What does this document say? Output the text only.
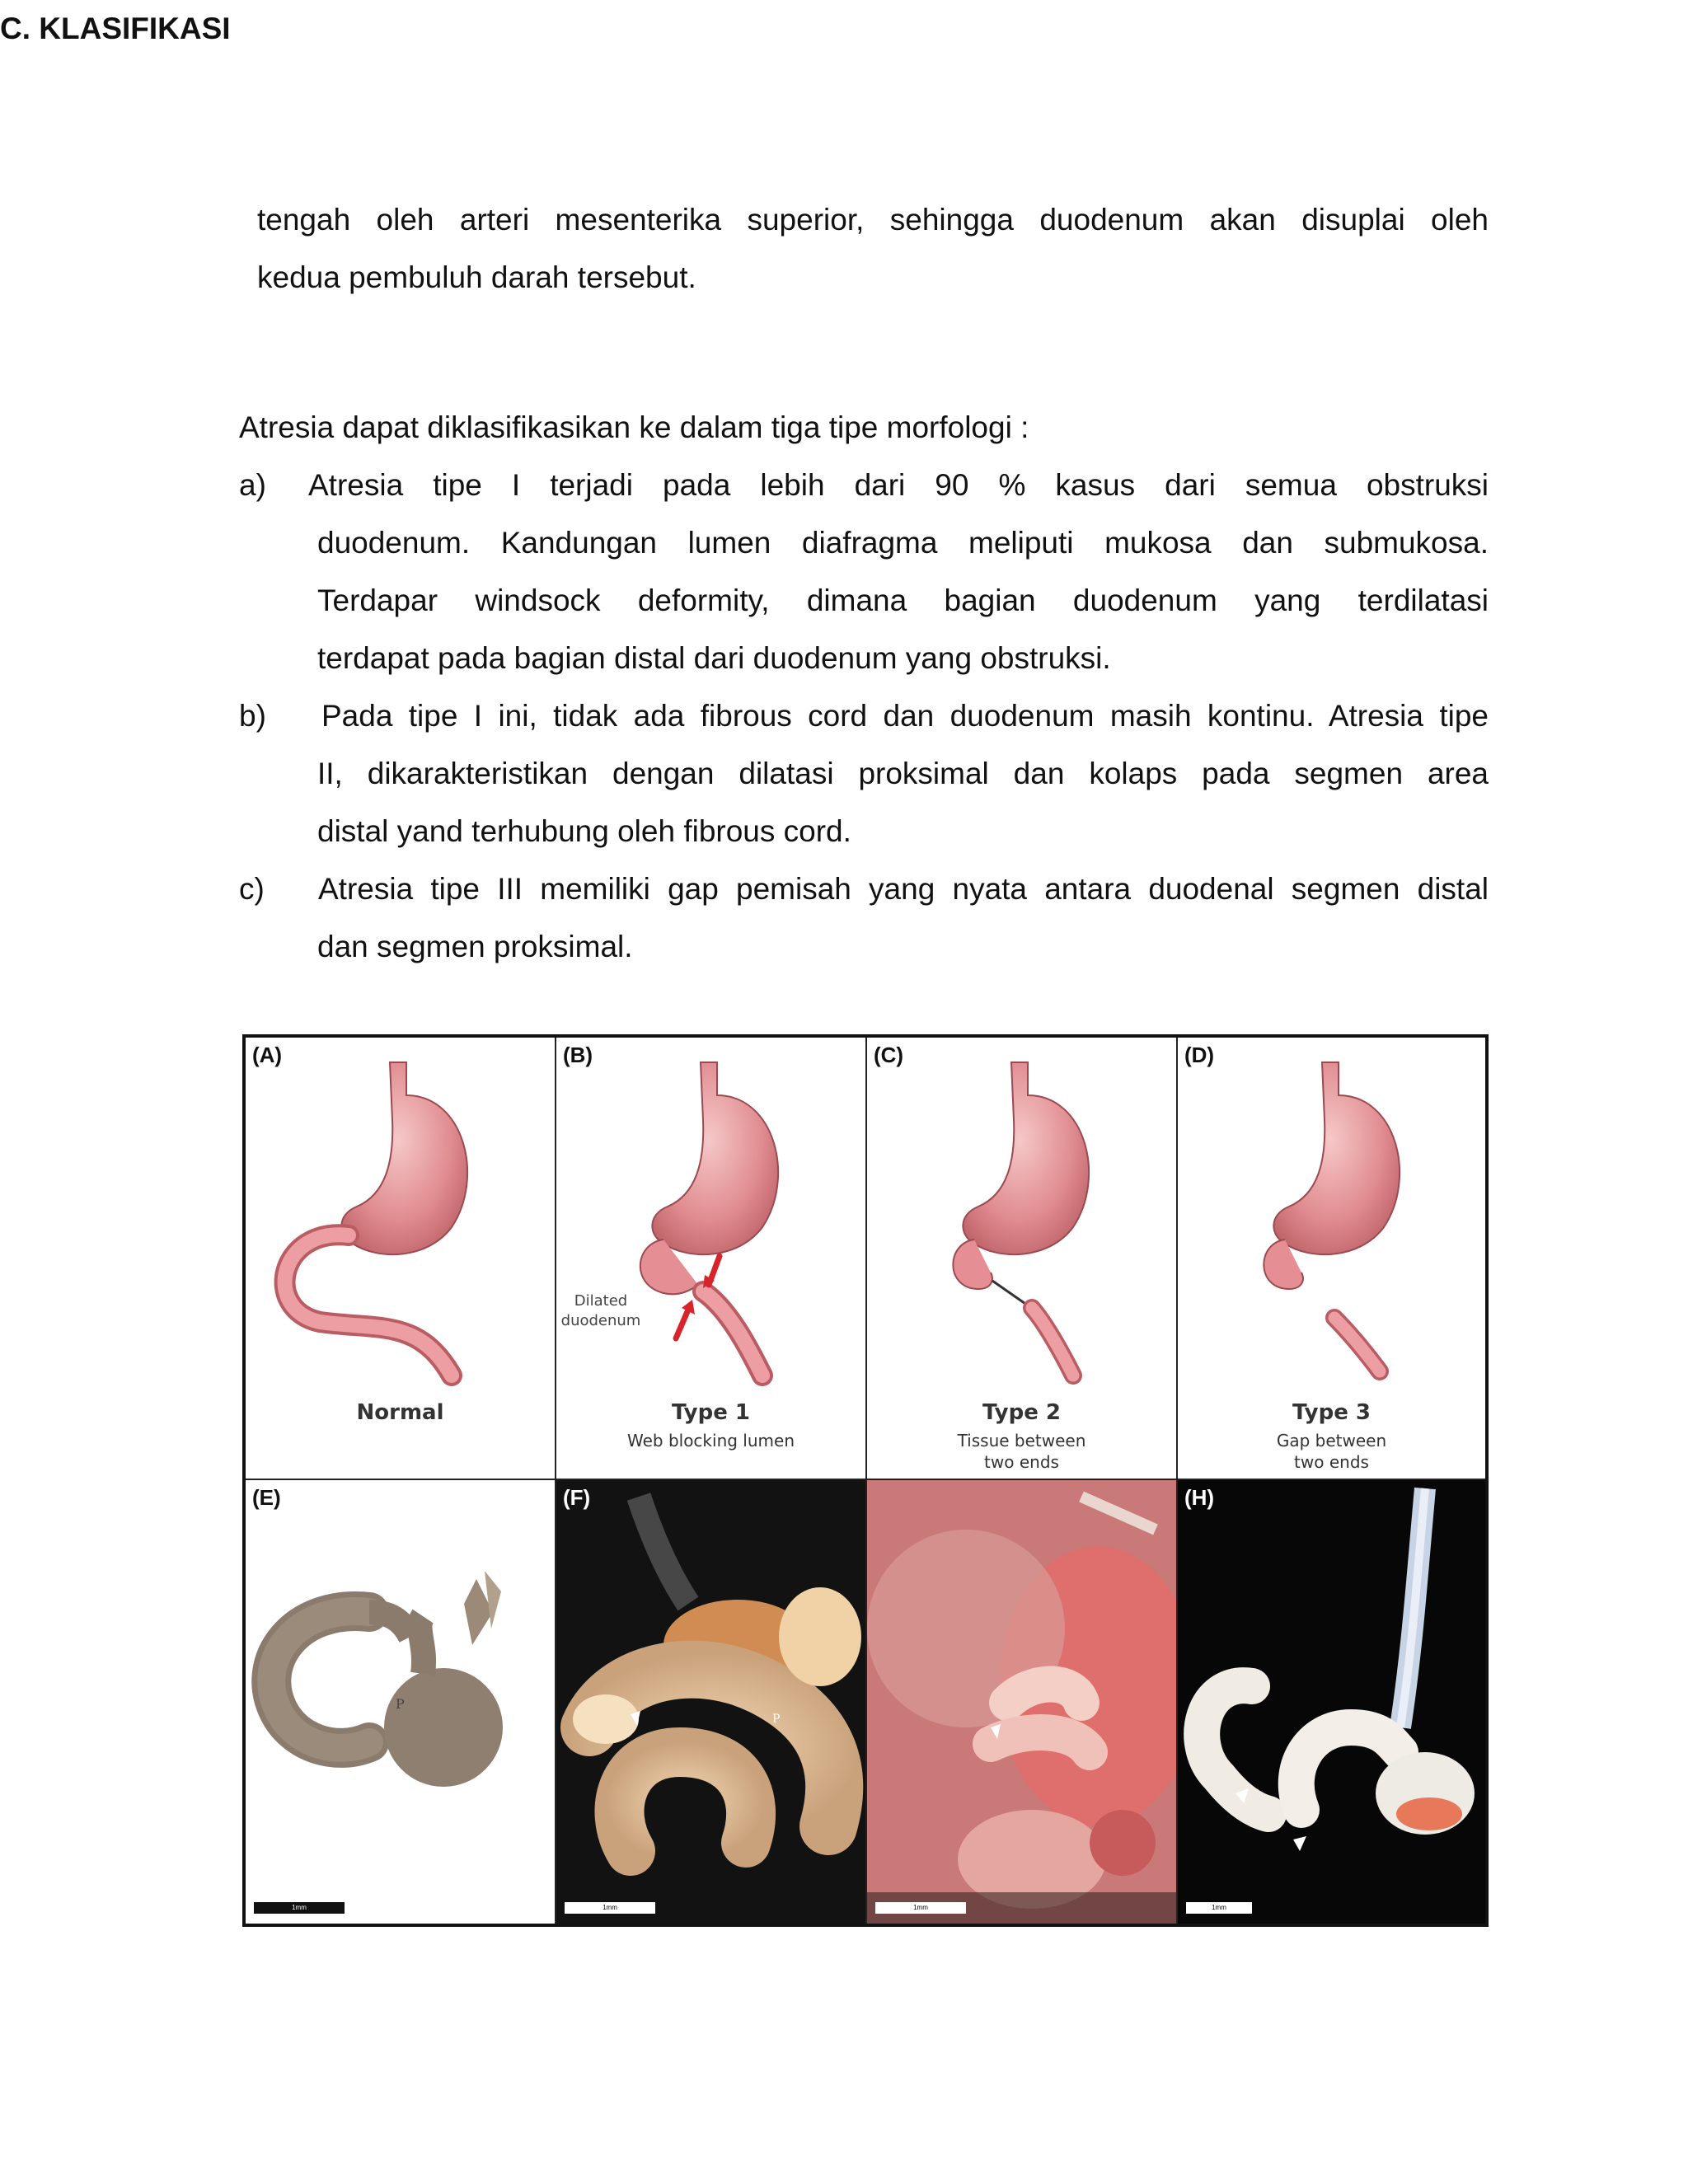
tengah oleh arteri mesenterika superior, sehingga duodenum akan disuplai oleh

kedua pembuluh darah tersebut.

C. KLASIFIKASI

Atresia dapat diklasifikasikan ke dalam tiga tipe morfologi :

a) Atresia tipe I terjadi pada lebih dari 90 % kasus dari semua obstruksi

duodenum. Kandungan lumen diafragma meliputi mukosa dan submukosa.

Terdapar windsock deformity, dimana bagian duodenum yang terdilatasi

terdapat pada bagian distal dari duodenum yang obstruksi.

b) Pada tipe I ini, tidak ada fibrous cord dan duodenum masih kontinu. Atresia tipe

II, dikarakteristikan dengan dilatasi proksimal dan kolaps pada segmen area

distal yand terhubung oleh fibrous cord.

c) Atresia tipe III memiliki gap pemisah yang nyata antara duodenal segmen distal

dan segmen proksimal.

(A)
Normal
(B)
Dilated
duodenum
Type 1
Web blocking lumen
(C)
Type 2
Tissue between
two ends
(D)
Type 3
Gap between
two ends
(E)
P
1mm
(F)
P
1mm	1mm
(H)
1mm
